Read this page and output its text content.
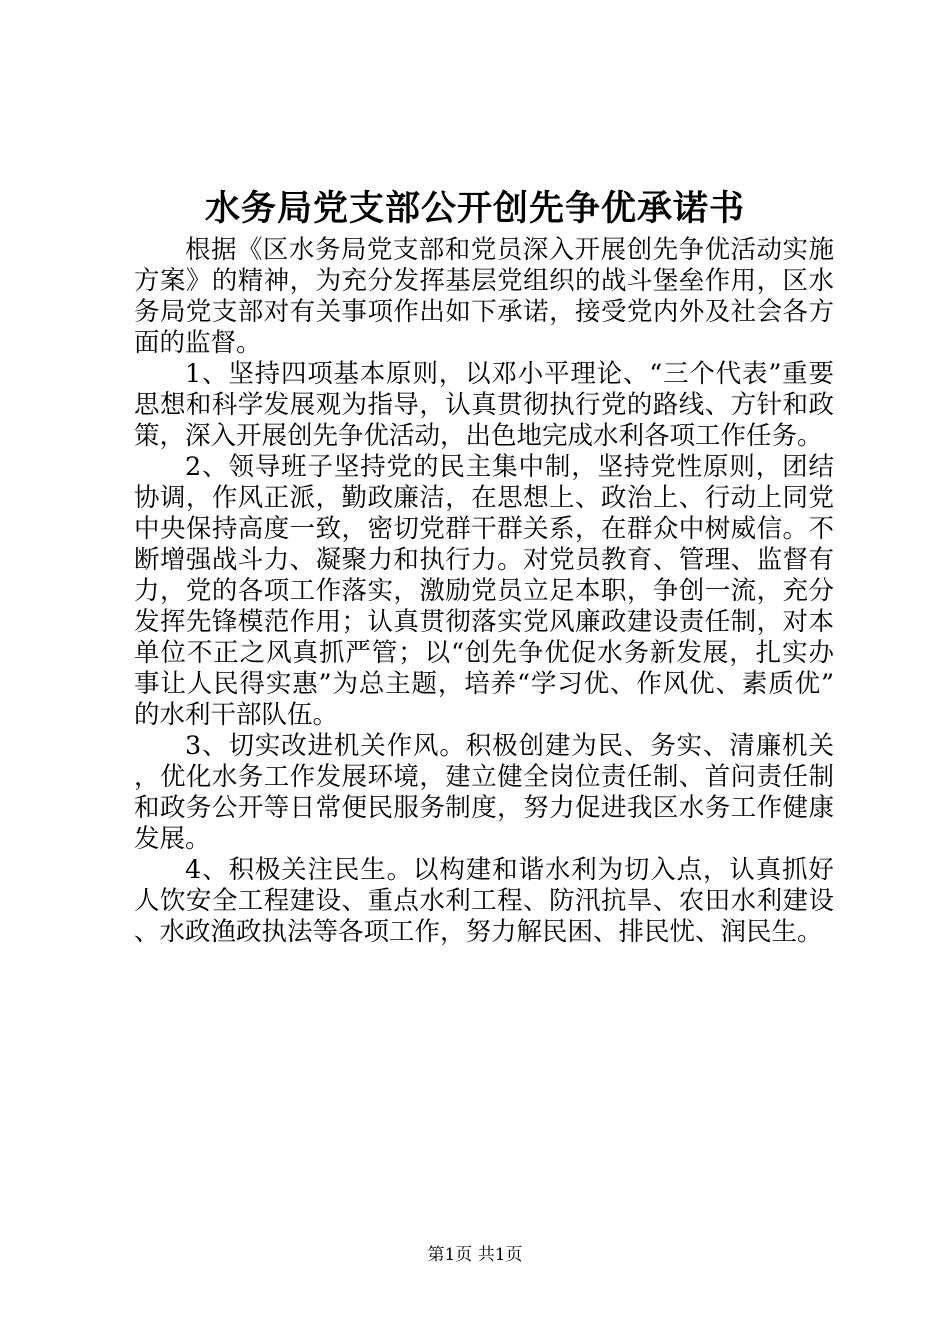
水务局党支部公开创先争优承诺书

根据《区水务局党支部和党员深入开展创先争优活动实施方案》的精神，为充分发挥基层党组织的战斗堡垒作用，区水务局党支部对有关事项作出如下承诺，接受党内外及社会各方面的监督。

1、坚持四项基本原则，以邓小平理论、“三个代表”重要思想和科学发展观为指导，认真贯彻执行党的路线、方针和政策，深入开展创先争优活动，出色地完成水利各项工作任务。

2、领导班子坚持党的民主集中制，坚持党性原则，团结协调，作风正派，勤政廉洁，在思想上、政治上、行动上同党中央保持高度一致，密切党群干群关系，在群众中树威信。不断增强战斗力、凝聚力和执行力。对党员教育、管理、监督有力，党的各项工作落实，激励党员立足本职，争创一流，充分发挥先锋模范作用；认真贯彻落实党风廉政建设责任制，对本单位不正之风真抓严管；以“创先争优促水务新发展，扎实办事让人民得实惠”为总主题，培养“学习优、作风优、素质优”的水利干部队伍。

3、切实改进机关作风。积极创建为民、务实、清廉机关，优化水务工作发展环境，建立健全岗位责任制、首问责任制和政务公开等日常便民服务制度，努力促进我区水务工作健康发展。

4、积极关注民生。以构建和谐水利为切入点，认真抓好人饮安全工程建设、重点水利工程、防汛抗旱、农田水利建设、水政渔政执法等各项工作，努力解民困、排民忧、润民生。

第1页 共1页
